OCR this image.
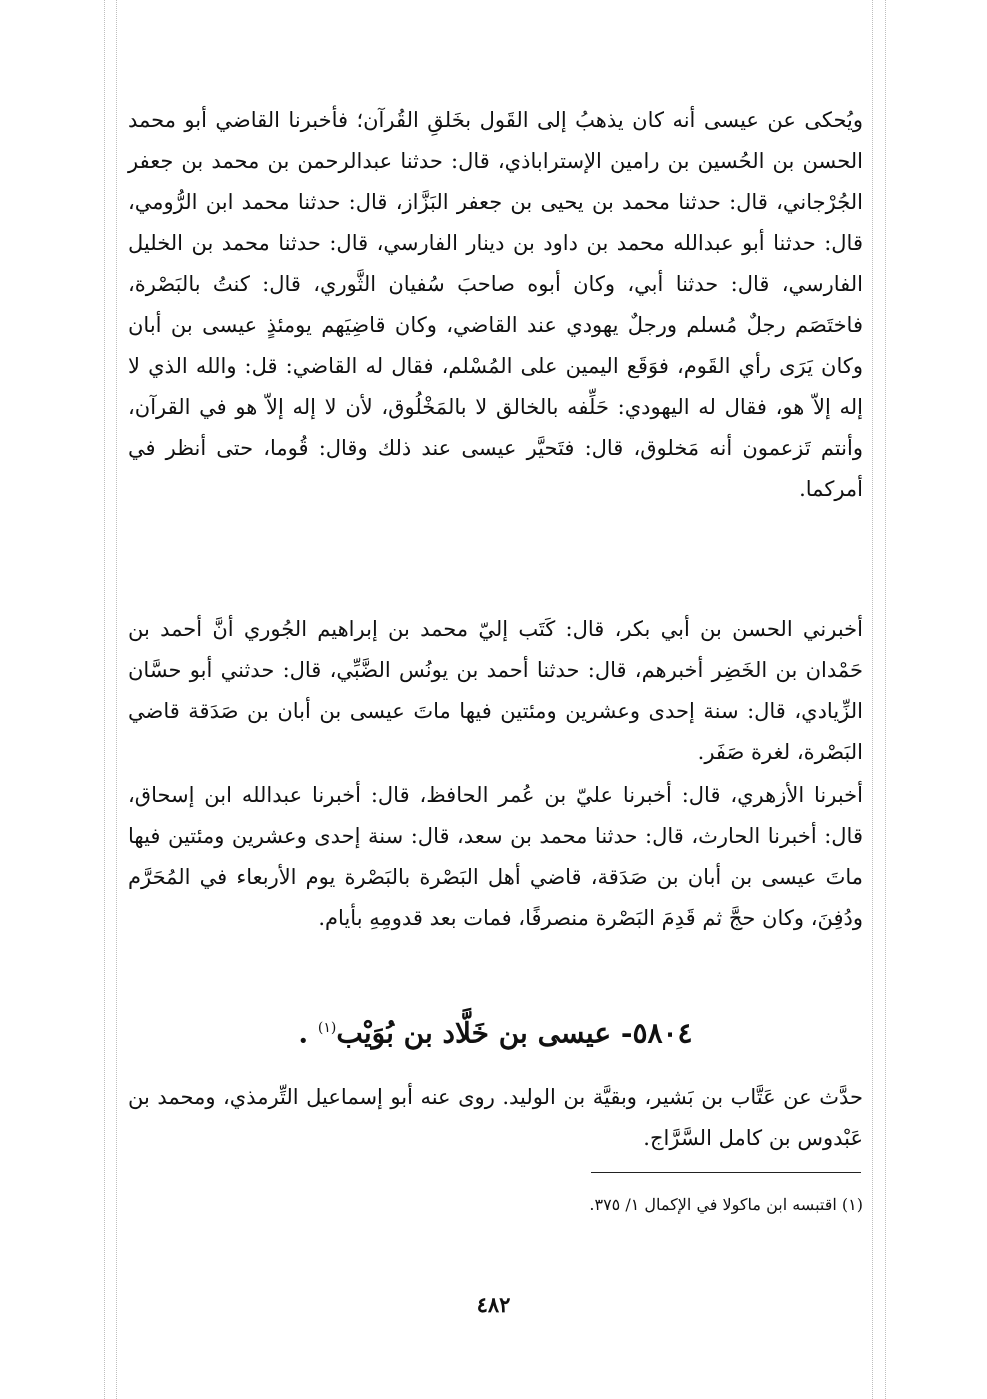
ويُحكى عن عيسى أنه كان يذهبُ إلى القَول بخَلقِ القُرآن؛ فأخبرنا القاضي أبو محمد الحسن بن الحُسين بن رامين الإستراباذي، قال: حدثنا عبدالرحمن بن محمد بن جعفر الجُرْجاني، قال: حدثنا محمد بن يحيى بن جعفر البَزَّاز، قال: حدثنا محمد ابن الرُّومي، قال: حدثنا أبو عبدالله محمد بن داود بن دينار الفارسي، قال: حدثنا محمد بن الخليل الفارسي، قال: حدثنا أبي، وكان أبوه صاحبَ سُفيان الثَّوري، قال: كنتُ بالبَصْرة، فاختَصَم رجلٌ مُسلم ورجلٌ يهودي عند القاضي، وكان قاضِيَهم يومئذٍ عيسى بن أبان وكان يَرَى رأي القَوم، فوَقَع اليمين على المُسْلم، فقال له القاضي: قل: والله الذي لا إله إلاّ هو، فقال له اليهودي: حَلِّفه بالخالق لا بالمَخْلُوق، لأن لا إله إلاّ هو في القرآن، وأنتم تَزعمون أنه مَخلوق، قال: فتَحيَّر عيسى عند ذلك وقال: قُوما، حتى أنظر في أمركما.

أخبرني الحسن بن أبي بكر، قال: كَتَب إليّ محمد بن إبراهيم الجُوري أنَّ أحمد بن حَمْدان بن الخَضِر أخبرهم، قال: حدثنا أحمد بن يونُس الضَّبِّي، قال: حدثني أبو حسَّان الزِّيادي، قال: سنة إحدى وعشرين ومئتين فيها ماتَ عيسى بن أبان بن صَدَقة قاضي البَصْرة، لغرة صَفَر.

أخبرنا الأزهري، قال: أخبرنا عليّ بن عُمر الحافظ، قال: أخبرنا عبدالله ابن إسحاق، قال: أخبرنا الحارث، قال: حدثنا محمد بن سعد، قال: سنة إحدى وعشرين ومئتين فيها ماتَ عيسى بن أبان بن صَدَقة، قاضي أهل البَصْرة بالبَصْرة يوم الأربعاء في المُحَرَّم ودُفِنَ، وكان حجَّ ثم قَدِمَ البَصْرة منصرفًا، فمات بعد قدومِهِ بأيام.

٥٨٠٤- عيسى بن خَلَّاد بن بُوَيْب$^{(١)}$ .

حدَّث عن عَتَّاب بن بَشير، وبقيَّة بن الوليد. روى عنه أبو إسماعيل التِّرمذي، ومحمد بن عَبْدوس بن كامل السَّرَّاج.

(١) اقتبسه ابن ماكولا في الإكمال ١/ ٣٧٥.
٤٨٢
